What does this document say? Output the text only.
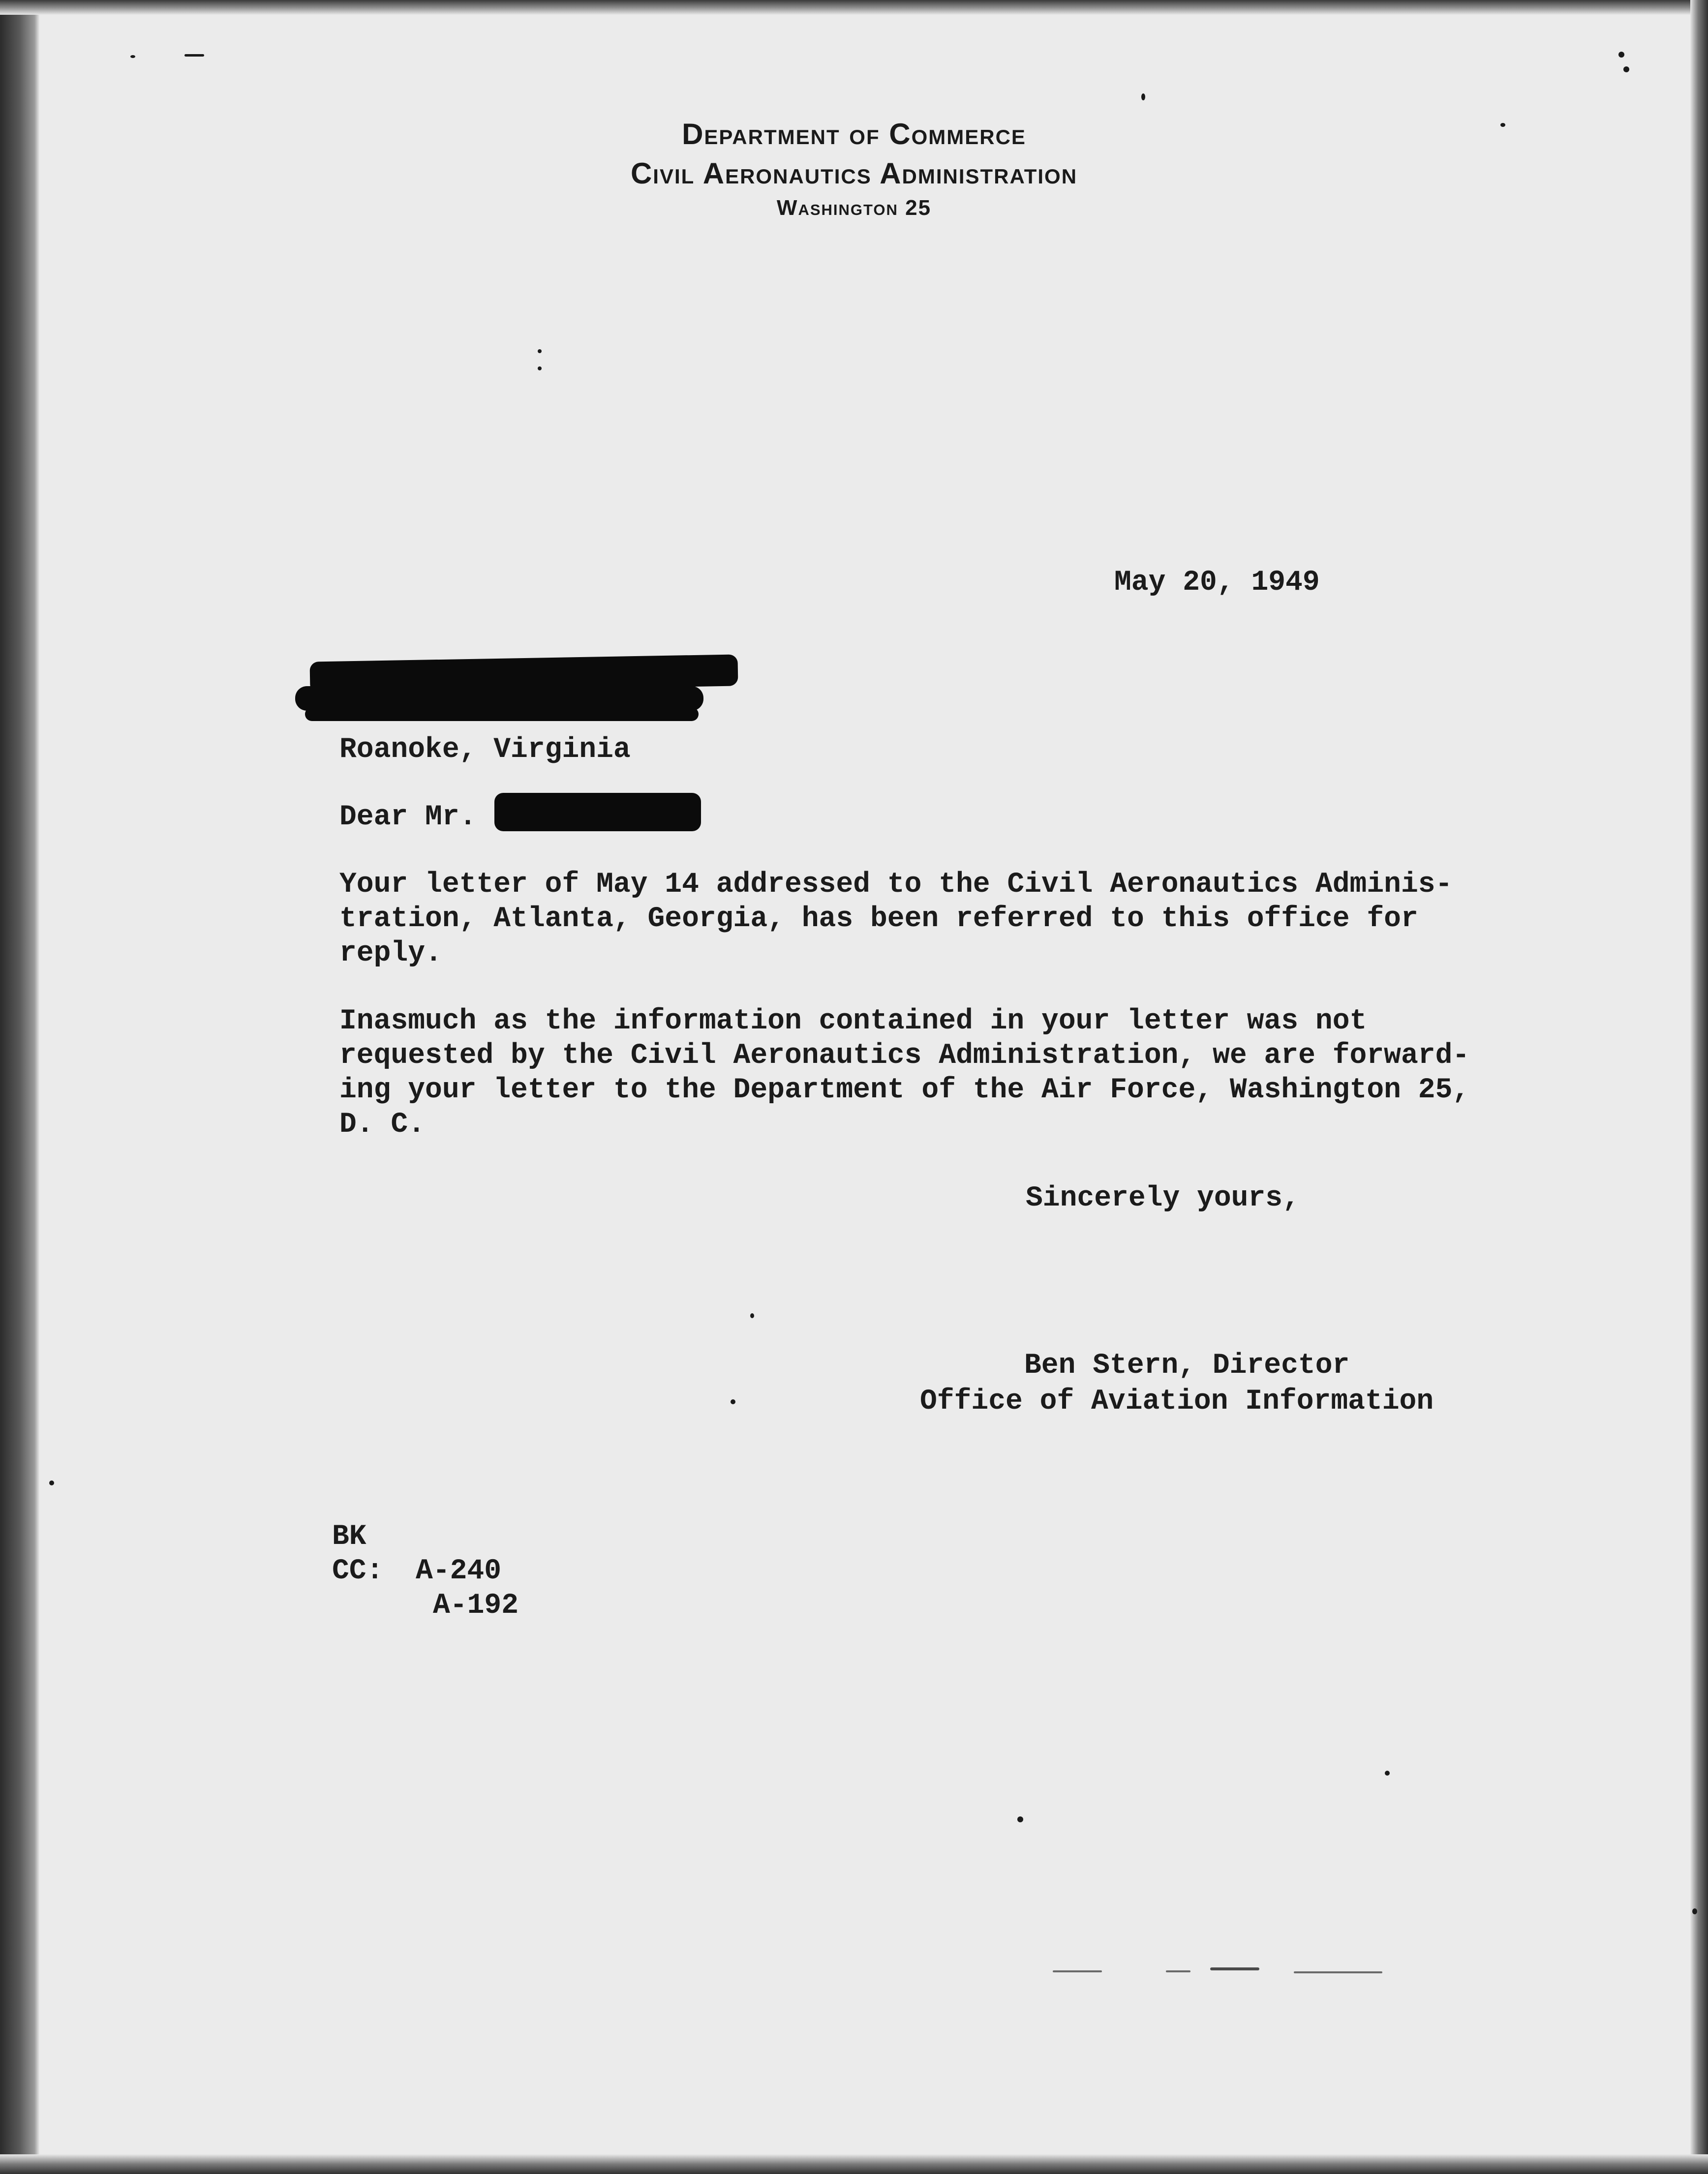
Department of Commerce
Civil Aeronautics Administration
Washington 25
May 20, 1949
Roanoke, Virginia
Dear Mr.
Your letter of May 14 addressed to the Civil Aeronautics Adminis-
tration, Atlanta, Georgia, has been referred to this office for
reply.
Inasmuch as the information contained in your letter was not
requested by the Civil Aeronautics Administration, we are forward-
ing your letter to the Department of the Air Force, Washington 25,
D. C.
Sincerely yours,
Ben Stern, Director
Office of Aviation Information
BK
CC: A-240
A-192
